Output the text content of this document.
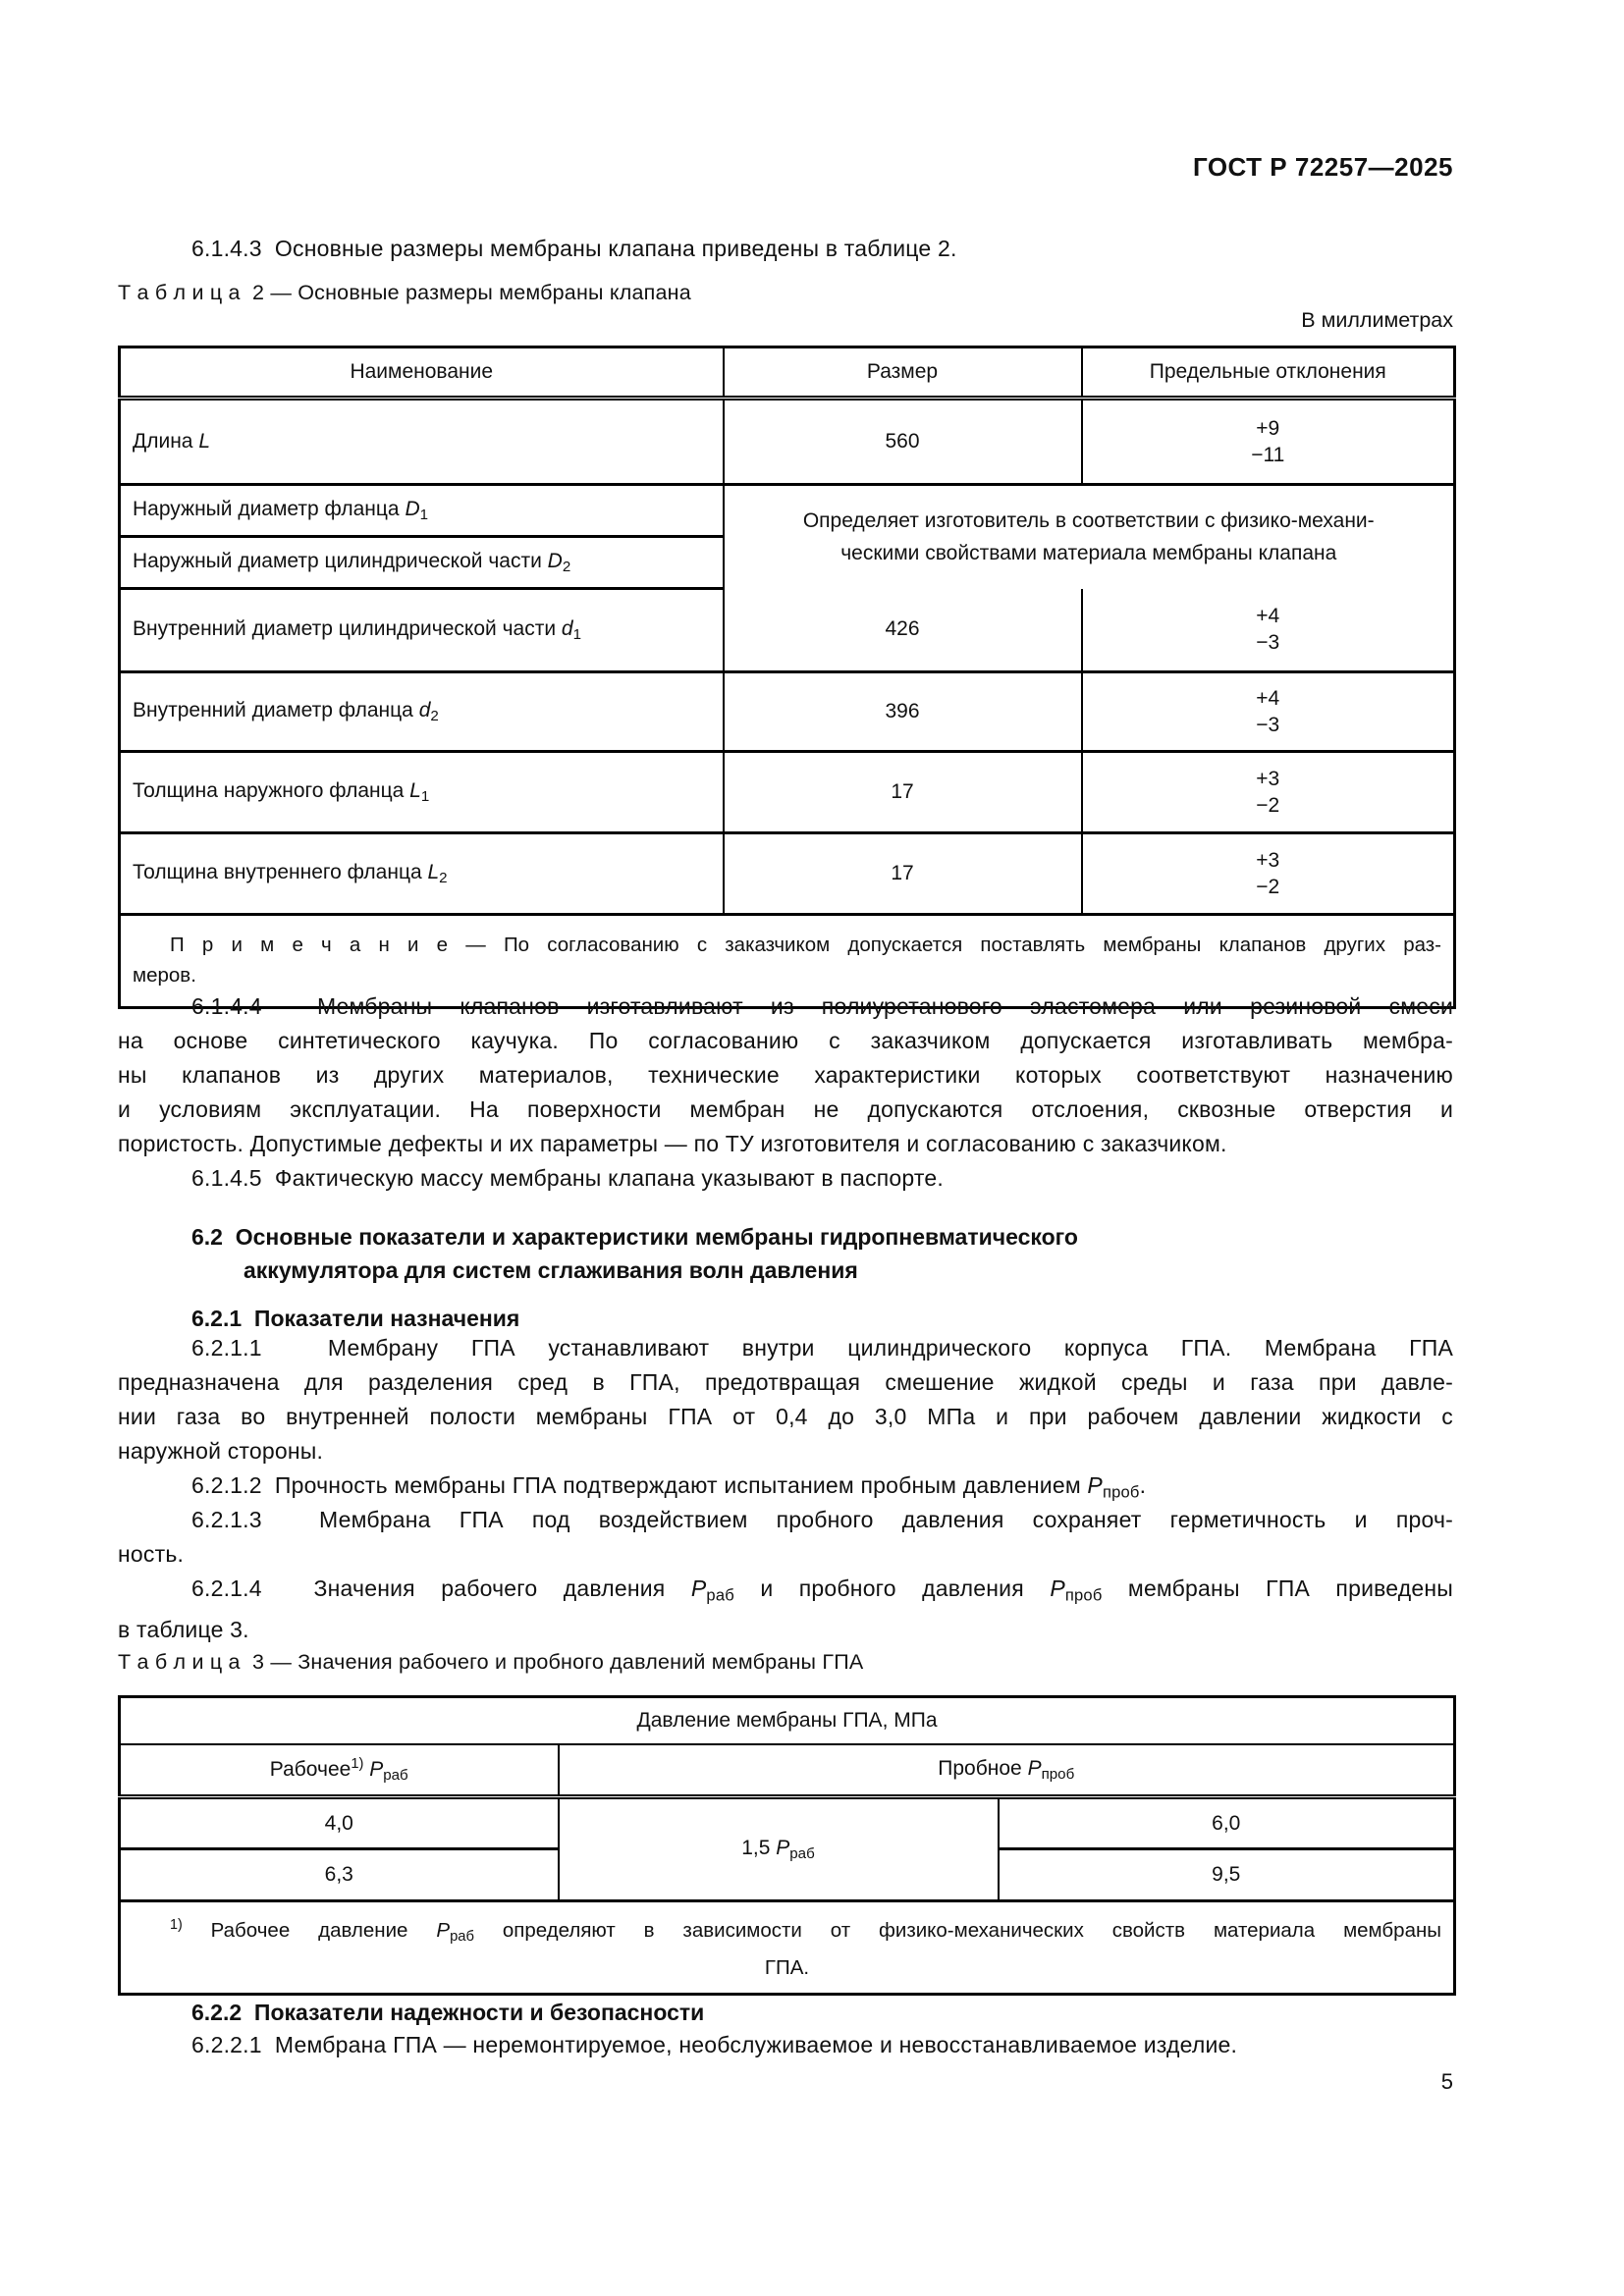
ГОСТ Р 72257—2025
6.1.4.3  Основные размеры мембраны клапана приведены в таблице 2.
Т а б л и ц а  2 — Основные размеры мембраны клапана
В миллиметрах
Наименование	Размер	Предельные отклонения
Длина L	560	+9
−11

Наружный диаметр фланца $D_1$	Определяет изготовитель в соответствии с физико-механи-
ческими свойствами материала мембраны клапана	

Наружный диаметр цилиндрической части $D_2$
Внутренний диаметр цилиндрической части $d_1$	426	+4
−3

Внутренний диаметр фланца $d_2$	396	+4
−3

Толщина наружного фланца $L_1$	17	+3
−2

Толщина внутреннего фланца $L_2$	17	+3
−2

П р и м е ч а н и е — По согласованию с заказчиком допускается поставлять мембраны клапанов других раз-
меров.		
6.1.4.4  Мембраны клапанов изготавливают из полиуретанового эластомера или резиновой смеси
на основе синтетического каучука. По согласованию с заказчиком допускается изготавливать мембра-
ны клапанов из других материалов, технические характеристики которых соответствуют назначению
и условиям эксплуатации. На поверхности мембран не допускаются отслоения, сквозные отверстия и
пористость. Допустимые дефекты и их параметры — по ТУ изготовителя и согласованию с заказчиком.
6.1.4.5  Фактическую массу мембраны клапана указывают в паспорте.
6.2  Основные показатели и характеристики мембраны гидропневматического
аккумулятора для систем сглаживания волн давления
6.2.1  Показатели назначения
6.2.1.1  Мембрану ГПА устанавливают внутри цилиндрического корпуса ГПА. Мембрана ГПА
предназначена для разделения сред в ГПА, предотвращая смешение жидкой среды и газа при давле-
нии газа во внутренней полости мембраны ГПА от 0,4 до 3,0 МПа и при рабочем давлении жидкости с
наружной стороны.
6.2.1.2  Прочность мембраны ГПА подтверждают испытанием пробным давлением $P_{проб}$.
6.2.1.3  Мембрана ГПА под воздействием пробного давления сохраняет герметичность и проч-
ность.
6.2.1.4  Значения рабочего давления $P_{раб}$ и пробного давления $P_{проб}$ мембраны ГПА приведены
в таблице 3.
Т а б л и ц а  3 — Значения рабочего и пробного давлений мембраны ГПА
Давление мембраны ГПА, МПа		
Рабочее$^{1)}$ $P_{раб}$	Пробное $P_{проб}$
4,0	1,5 $P_{раб}$	6,0
6,3		9,5

$^{1)}$ Рабочее давление $P_{раб}$ определяют в зависимости от физико-механических свойств материала мембраны
ГПА.		
6.2.2  Показатели надежности и безопасности
6.2.2.1  Мембрана ГПА — неремонтируемое, необслуживаемое и невосстанавливаемое изделие.
5
